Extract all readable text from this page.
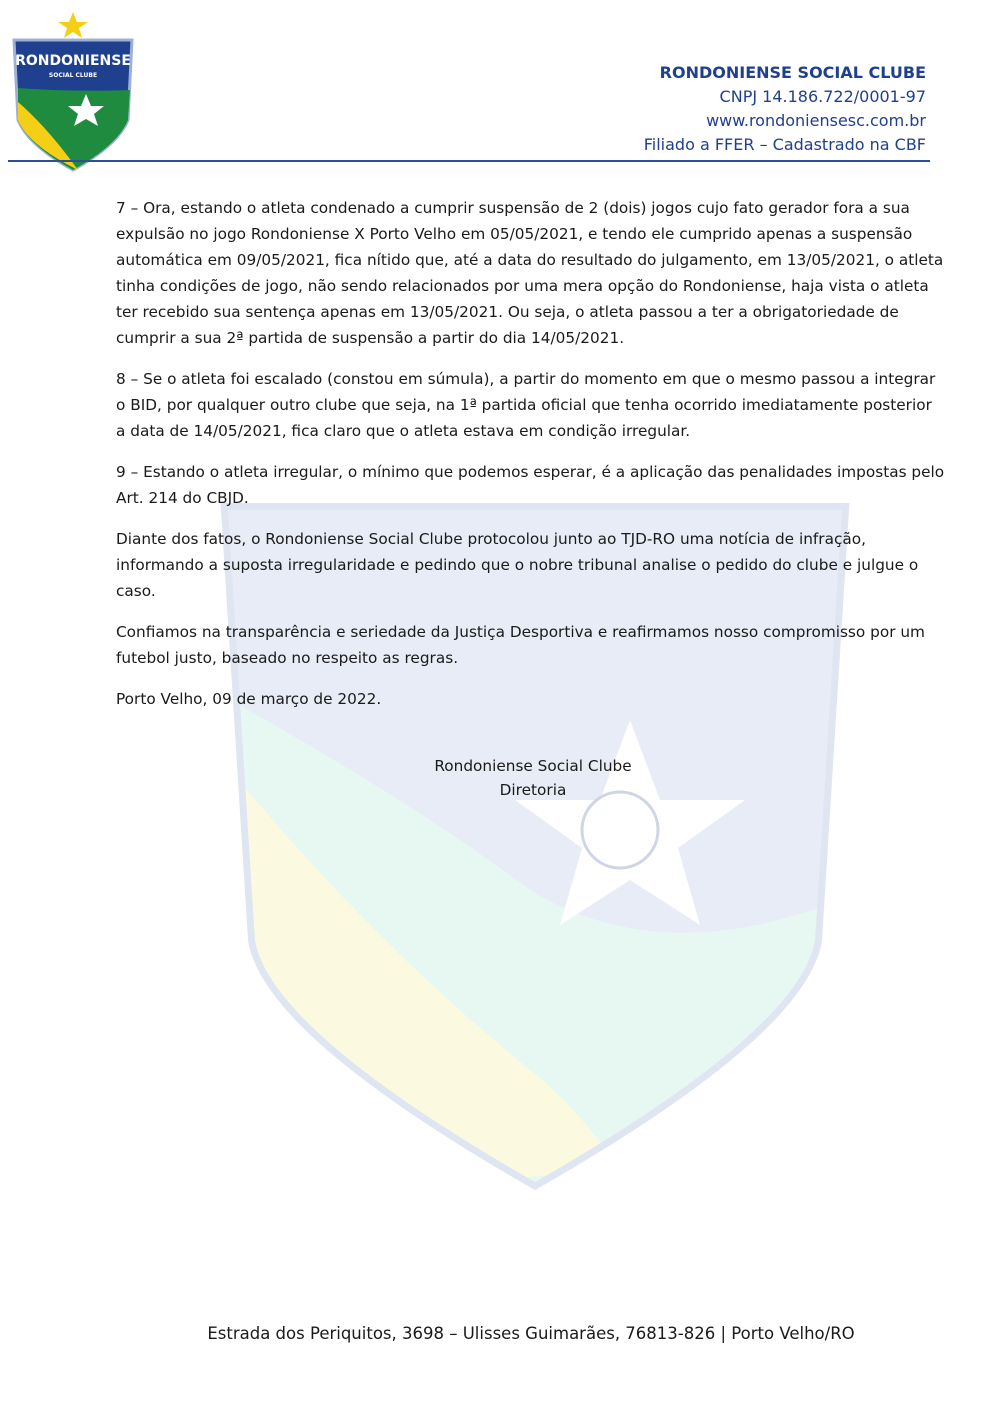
RONDONIENSE
SOCIAL CLUBE	RONDONIENSE SOCIAL CLUBE
CNPJ 14.186.722/0001-97
www.rondoniensesc.com.br
Filiado a FFER – Cadastrado na CBF

7 – Ora, estando o atleta condenado a cumprir suspensão de 2 (dois) jogos cujo fato gerador fora a sua expulsão no jogo Rondoniense X Porto Velho em 05/05/2021, e tendo ele cumprido apenas a suspensão automática em 09/05/2021, fica nítido que, até a data do resultado do julgamento, em 13/05/2021, o atleta tinha condições de jogo, não sendo relacionados por uma mera opção do Rondoniense, haja vista o atleta ter recebido sua sentença apenas em 13/05/2021. Ou seja, o atleta passou a ter a obrigatoriedade de cumprir a sua 2ª partida de suspensão a partir do dia 14/05/2021.

8 – Se o atleta foi escalado (constou em súmula), a partir do momento em que o mesmo passou a integrar o BID, por qualquer outro clube que seja, na 1ª partida oficial que tenha ocorrido imediatamente posterior a data de 14/05/2021, fica claro que o atleta estava em condição irregular.

9 – Estando o atleta irregular, o mínimo que podemos esperar, é a aplicação das penalidades impostas pelo Art. 214 do CBJD.

Diante dos fatos, o Rondoniense Social Clube protocolou junto ao TJD-RO uma notícia de infração, informando a suposta irregularidade e pedindo que o nobre tribunal analise o pedido do clube e julgue o caso.

Confiamos na transparência e seriedade da Justiça Desportiva e reafirmamos nosso compromisso por um futebol justo, baseado no respeito as regras.

Porto Velho, 09 de março de 2022.

Rondoniense Social Clube
Diretoria
Estrada dos Periquitos, 3698 – Ulisses Guimarães, 76813-826 | Porto Velho/RO
